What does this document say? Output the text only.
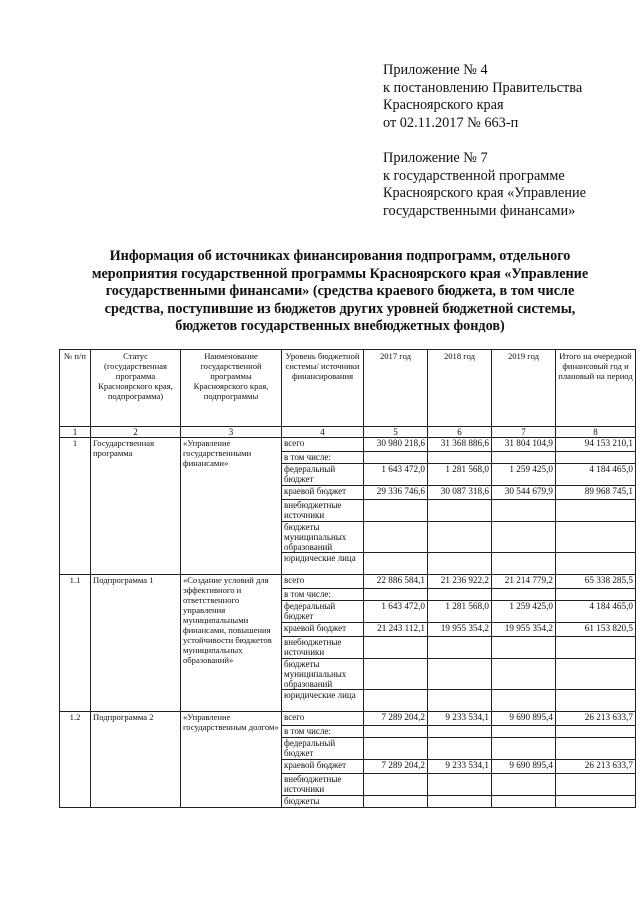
Приложение № 4
к постановлению Правительства
Красноярского края
от 02.11.2017 № 663-п
Приложение № 7
к государственной программе
Красноярского края «Управление
государственными финансами»
Информация об источниках финансирования подпрограмм, отдельного
мероприятия государственной программы Красноярского края «Управление
государственными финансами» (средства краевого бюджета, в том числе
средства, поступившие из бюджетов других уровней бюджетной системы,
бюджетов государственных внебюджетных фондов)
№ п/п	Статус (государственная программа Красноярского края, подпрограмма)	Наименование государственной программы Красноярского края, подпрограммы	Уровень бюджетной системы/ источники финансирования	2017 год	2018 год	2019 год	Итого на очередной финансовый год и плановый на период
1	2	3	4	5	6	7	8
1	Государственная программа	«Управление государственными финансами»	всего	30 980 218,6	31 368 886,6	31 804 104,9	94 153 210,1
			в том числе:				
			федеральный бюджет	1 643 472,0	1 281 568,0	1 259 425,0	4 184 465,0
			краевой бюджет	29 336 746,6	30 087 318,6	30 544 679,9	89 968 745,1
			внебюджетные источники				
			бюджеты муниципальных образований				
			юридические лица				
1.1	Подпрограмма 1	«Создание условий для эффективного и ответственного управления муниципальными финансами, повышения устойчивости бюджетов муниципальных образований»	всего	22 886 584,1	21 236 922,2	21 214 779,2	65 338 285,5
			в том числе:				
			федеральный бюджет	1 643 472,0	1 281 568,0	1 259 425,0	4 184 465,0
			краевой бюджет	21 243 112,1	19 955 354,2	19 955 354,2	61 153 820,5
			внебюджетные источники				
			бюджеты муниципальных образований				
			юридические лица				
1.2	Подпрограмма 2	«Управление государственным долгом»	всего	7 289 204,2	9 233 534,1	9 690 895,4	26 213 633,7
			в том числе:				
			федеральный бюджет				
			краевой бюджет	7 289 204,2	9 233 534,1	9 690 895,4	26 213 633,7
			внебюджетные источники				
			бюджеты				
